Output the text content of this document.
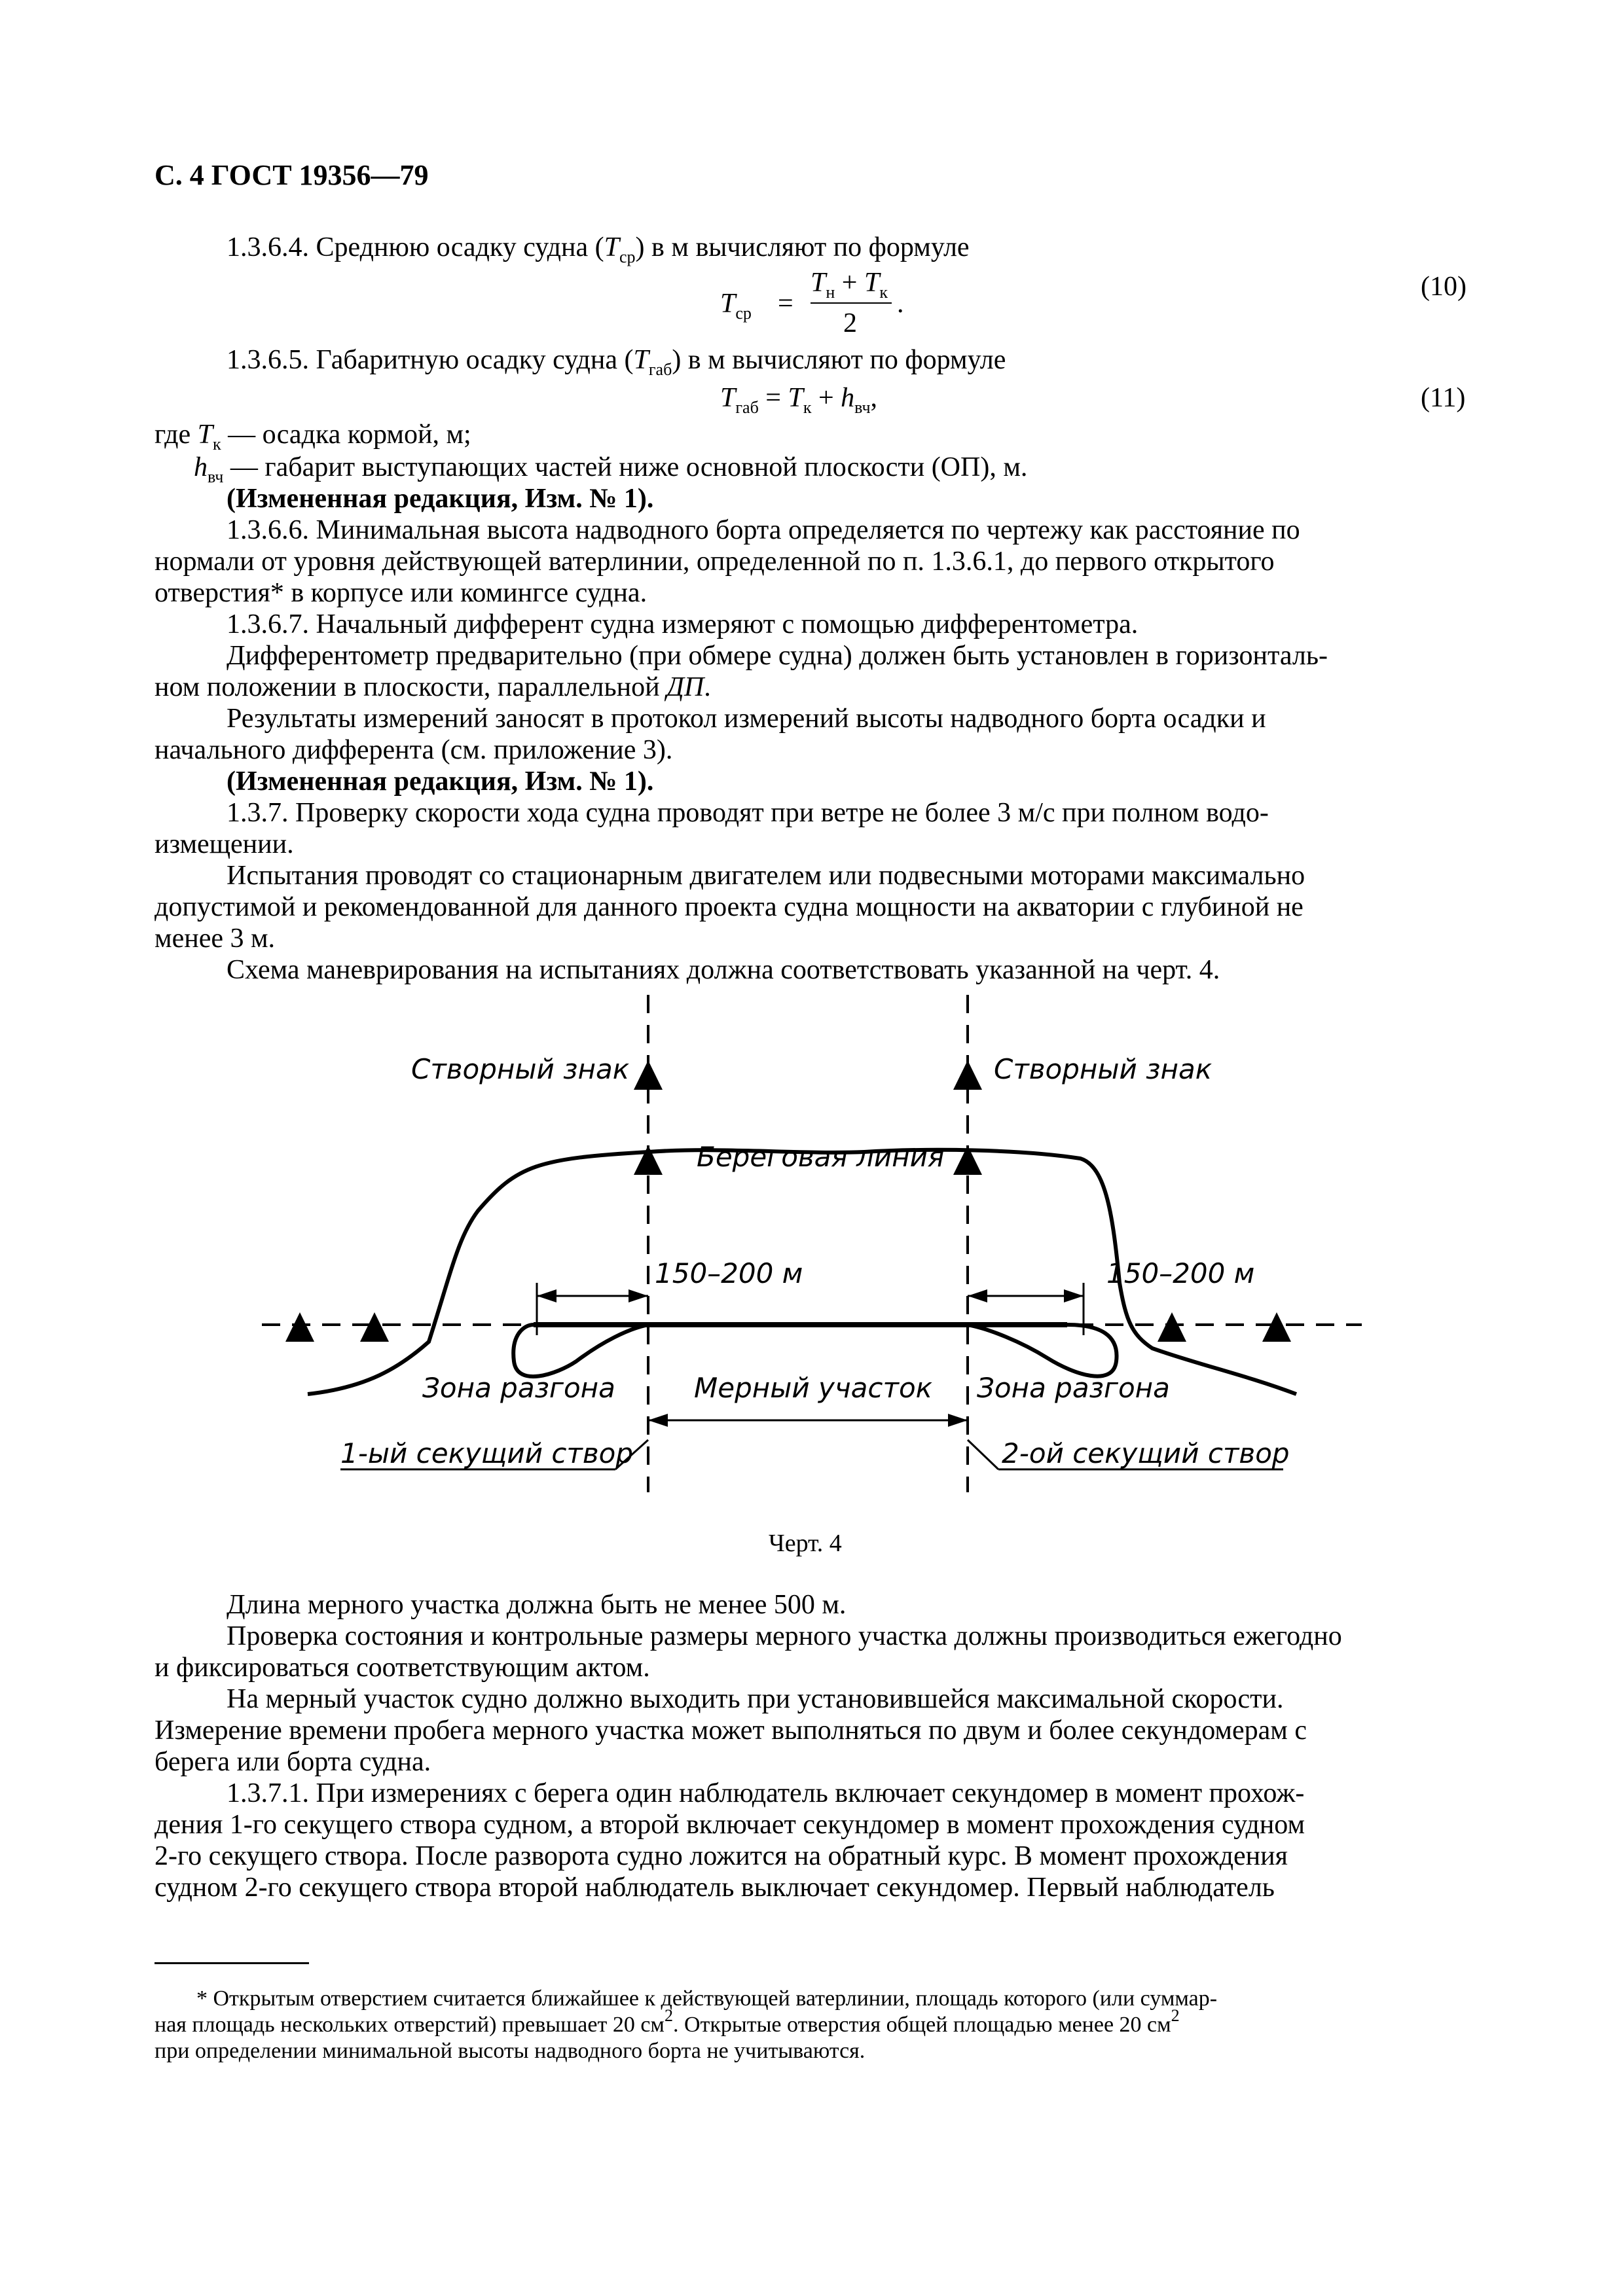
С. 4 ГОСТ 19356—79
1.3.6.4. Среднюю осадку судна $(T_{ср})$ в м вычисляют по формуле
$T_{ср}$ =
$T_н + T_к$
2
.
(10)
1.3.6.5. Габаритную осадку судна $(T_{габ})$ в м вычисляют по формуле
$T_{габ} = T_к + h_{вч}$,	(11)
где $T_к$ — осадка кормой, м;
$h_{вч}$ — габарит выступающих частей ниже основной плоскости (ОП), м.
(Измененная редакция, Изм. № 1).
1.3.6.6. Минимальная высота надводного борта определяется по чертежу как расстояние по
нормали от уровня действующей ватерлинии, определенной по п. 1.3.6.1, до первого открытого
отверстия* в корпусе или комингсе судна.
1.3.6.7. Начальный дифферент судна измеряют с помощью дифферентометра.
Дифферентометр предварительно (при обмере судна) должен быть установлен в горизонталь-
ном положении в плоскости, параллельной ДП.
Результаты измерений заносят в протокол измерений высоты надводного борта осадки и
начального дифферента (см. приложение 3).
(Измененная редакция, Изм. № 1).
1.3.7. Проверку скорости хода судна проводят при ветре не более 3 м/с при полном водо-
измещении.
Испытания проводят со стационарным двигателем или подвесными моторами максимально
допустимой и рекомендованной для данного проекта судна мощности на акватории с глубиной не
менее 3 м.
Схема маневрирования на испытаниях должна соответствовать указанной на черт. 4.
Створный знак	Створный знак
Береговая линия
150–200 м	150–200 м
Зона разгона	Мерный участок Зона разгона
1-ый секущий створ	2-ой секущий створ
Черт. 4
Длина мерного участка должна быть не менее 500 м.
Проверка состояния и контрольные размеры мерного участка должны производиться ежегодно
и фиксироваться соответствующим актом.
На мерный участок судно должно выходить при установившейся максимальной скорости.
Измерение времени пробега мерного участка может выполняться по двум и более секундомерам с
берега или борта судна.
1.3.7.1. При измерениях с берега один наблюдатель включает секундомер в момент прохож-
дения 1-го секущего створа судном, а второй включает секундомер в момент прохождения судном
2-го секущего створа. После разворота судно ложится на обратный курс. В момент прохождения
судном 2-го секущего створа второй наблюдатель выключает секундомер. Первый наблюдатель
* Открытым отверстием считается ближайшее к действующей ватерлинии, площадь которого (или суммар-
ная площадь нескольких отверстий) превышает 20 $см^2$. Открытые отверстия общей площадью менее 20 $см^2$
при определении минимальной высоты надводного борта не учитываются.
